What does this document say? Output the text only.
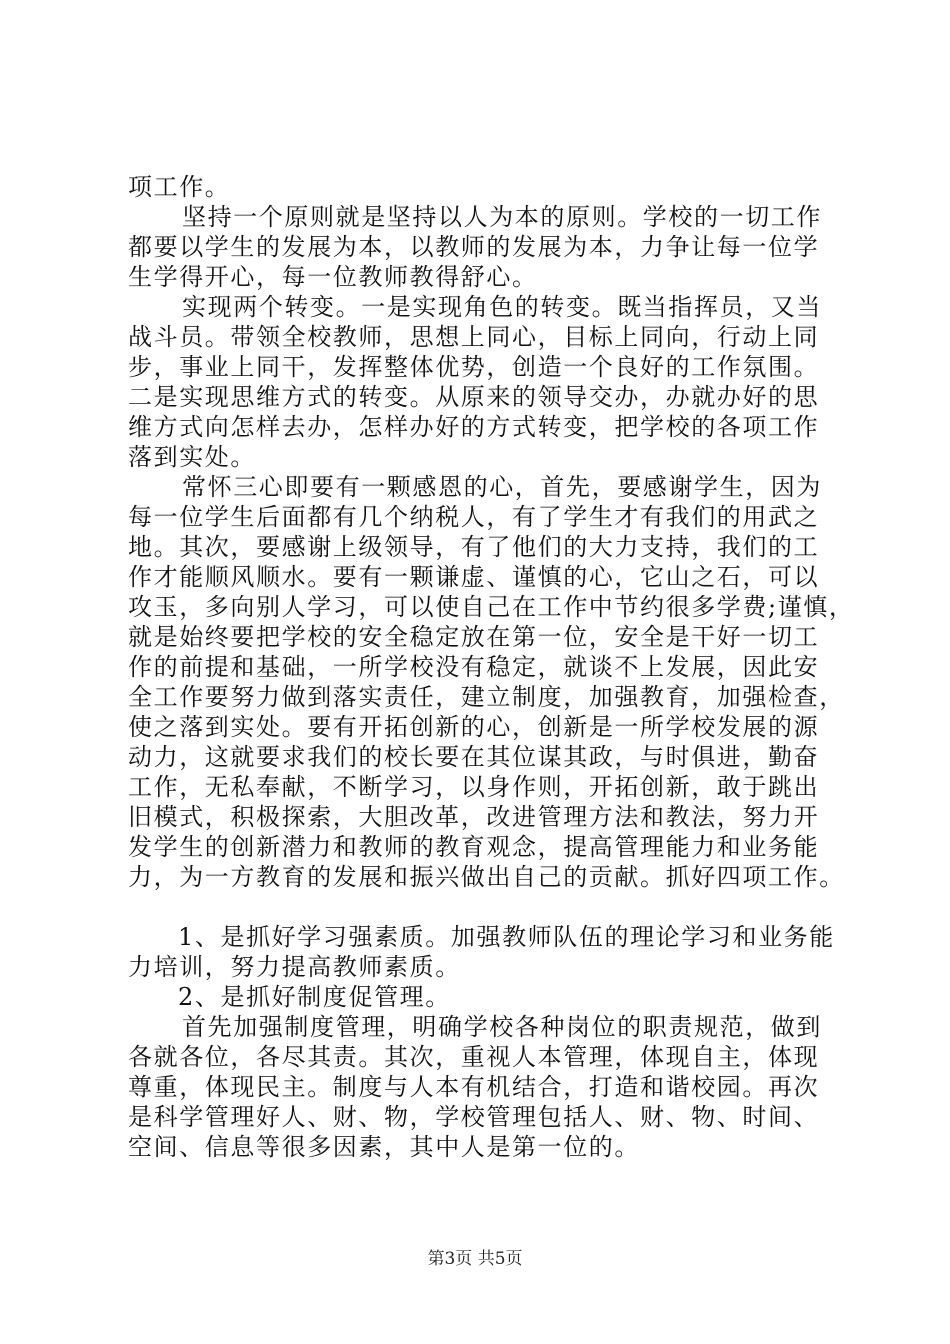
项工作。
坚持一个原则就是坚持以人为本的原则。学校的一切工作
都要以学生的发展为本，以教师的发展为本，力争让每一位学
生学得开心，每一位教师教得舒心。
实现两个转变。一是实现角色的转变。既当指挥员，又当
战斗员。带领全校教师，思想上同心，目标上同向，行动上同
步，事业上同干，发挥整体优势，创造一个良好的工作氛围。
二是实现思维方式的转变。从原来的领导交办，办就办好的思
维方式向怎样去办，怎样办好的方式转变，把学校的各项工作
落到实处。
常怀三心即要有一颗感恩的心，首先，要感谢学生，因为
每一位学生后面都有几个纳税人，有了学生才有我们的用武之
地。其次，要感谢上级领导，有了他们的大力支持，我们的工
作才能顺风顺水。要有一颗谦虚、谨慎的心，它山之石，可以
攻玉，多向别人学习，可以使自己在工作中节约很多学费;谨慎，
就是始终要把学校的安全稳定放在第一位，安全是干好一切工
作的前提和基础，一所学校没有稳定，就谈不上发展，因此安
全工作要努力做到落实责任，建立制度，加强教育，加强检查，
使之落到实处。要有开拓创新的心，创新是一所学校发展的源
动力，这就要求我们的校长要在其位谋其政，与时俱进，勤奋
工作，无私奉献，不断学习，以身作则，开拓创新，敢于跳出
旧模式，积极探索，大胆改革，改进管理方法和教法，努力开
发学生的创新潜力和教师的教育观念，提高管理能力和业务能
力，为一方教育的发展和振兴做出自己的贡献。抓好四项工作。
1、是抓好学习强素质。加强教师队伍的理论学习和业务能
力培训，努力提高教师素质。
2、是抓好制度促管理。
首先加强制度管理，明确学校各种岗位的职责规范，做到
各就各位，各尽其责。其次，重视人本管理，体现自主，体现
尊重，体现民主。制度与人本有机结合，打造和谐校园。再次
是科学管理好人、财、物，学校管理包括人、财、物、时间、
空间、信息等很多因素，其中人是第一位的。
第3页 共5页
